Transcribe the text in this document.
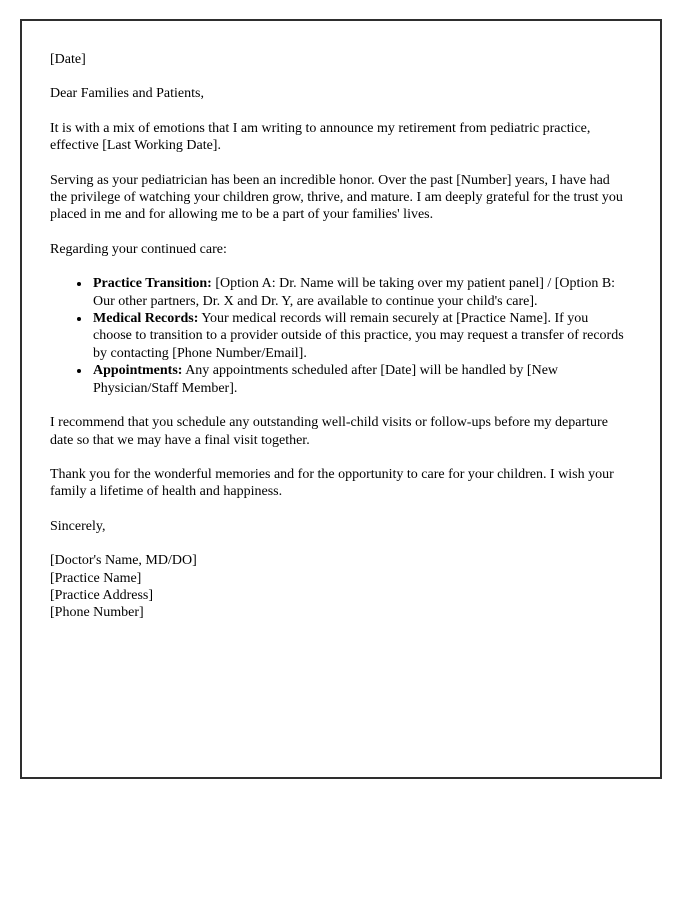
[Date]

Dear Families and Patients,

It is with a mix of emotions that I am writing to announce my retirement from pediatric practice, effective [Last Working Date].

Serving as your pediatrician has been an incredible honor. Over the past [Number] years, I have had the privilege of watching your children grow, thrive, and mature. I am deeply grateful for the trust you placed in me and for allowing me to be a part of your families' lives.

Regarding your continued care:

• Practice Transition: [Option A: Dr. Name will be taking over my patient panel] / [Option B: Our other partners, Dr. X and Dr. Y, are available to continue your child's care].
• Medical Records: Your medical records will remain securely at [Practice Name]. If you choose to transition to a provider outside of this practice, you may request a transfer of records by contacting [Phone Number/Email].
• Appointments: Any appointments scheduled after [Date] will be handled by [New Physician/Staff Member].

I recommend that you schedule any outstanding well-child visits or follow-ups before my departure date so that we may have a final visit together.

Thank you for the wonderful memories and for the opportunity to care for your children. I wish your family a lifetime of health and happiness.

Sincerely,

[Doctor's Name, MD/DO]
[Practice Name]
[Practice Address]
[Phone Number]
